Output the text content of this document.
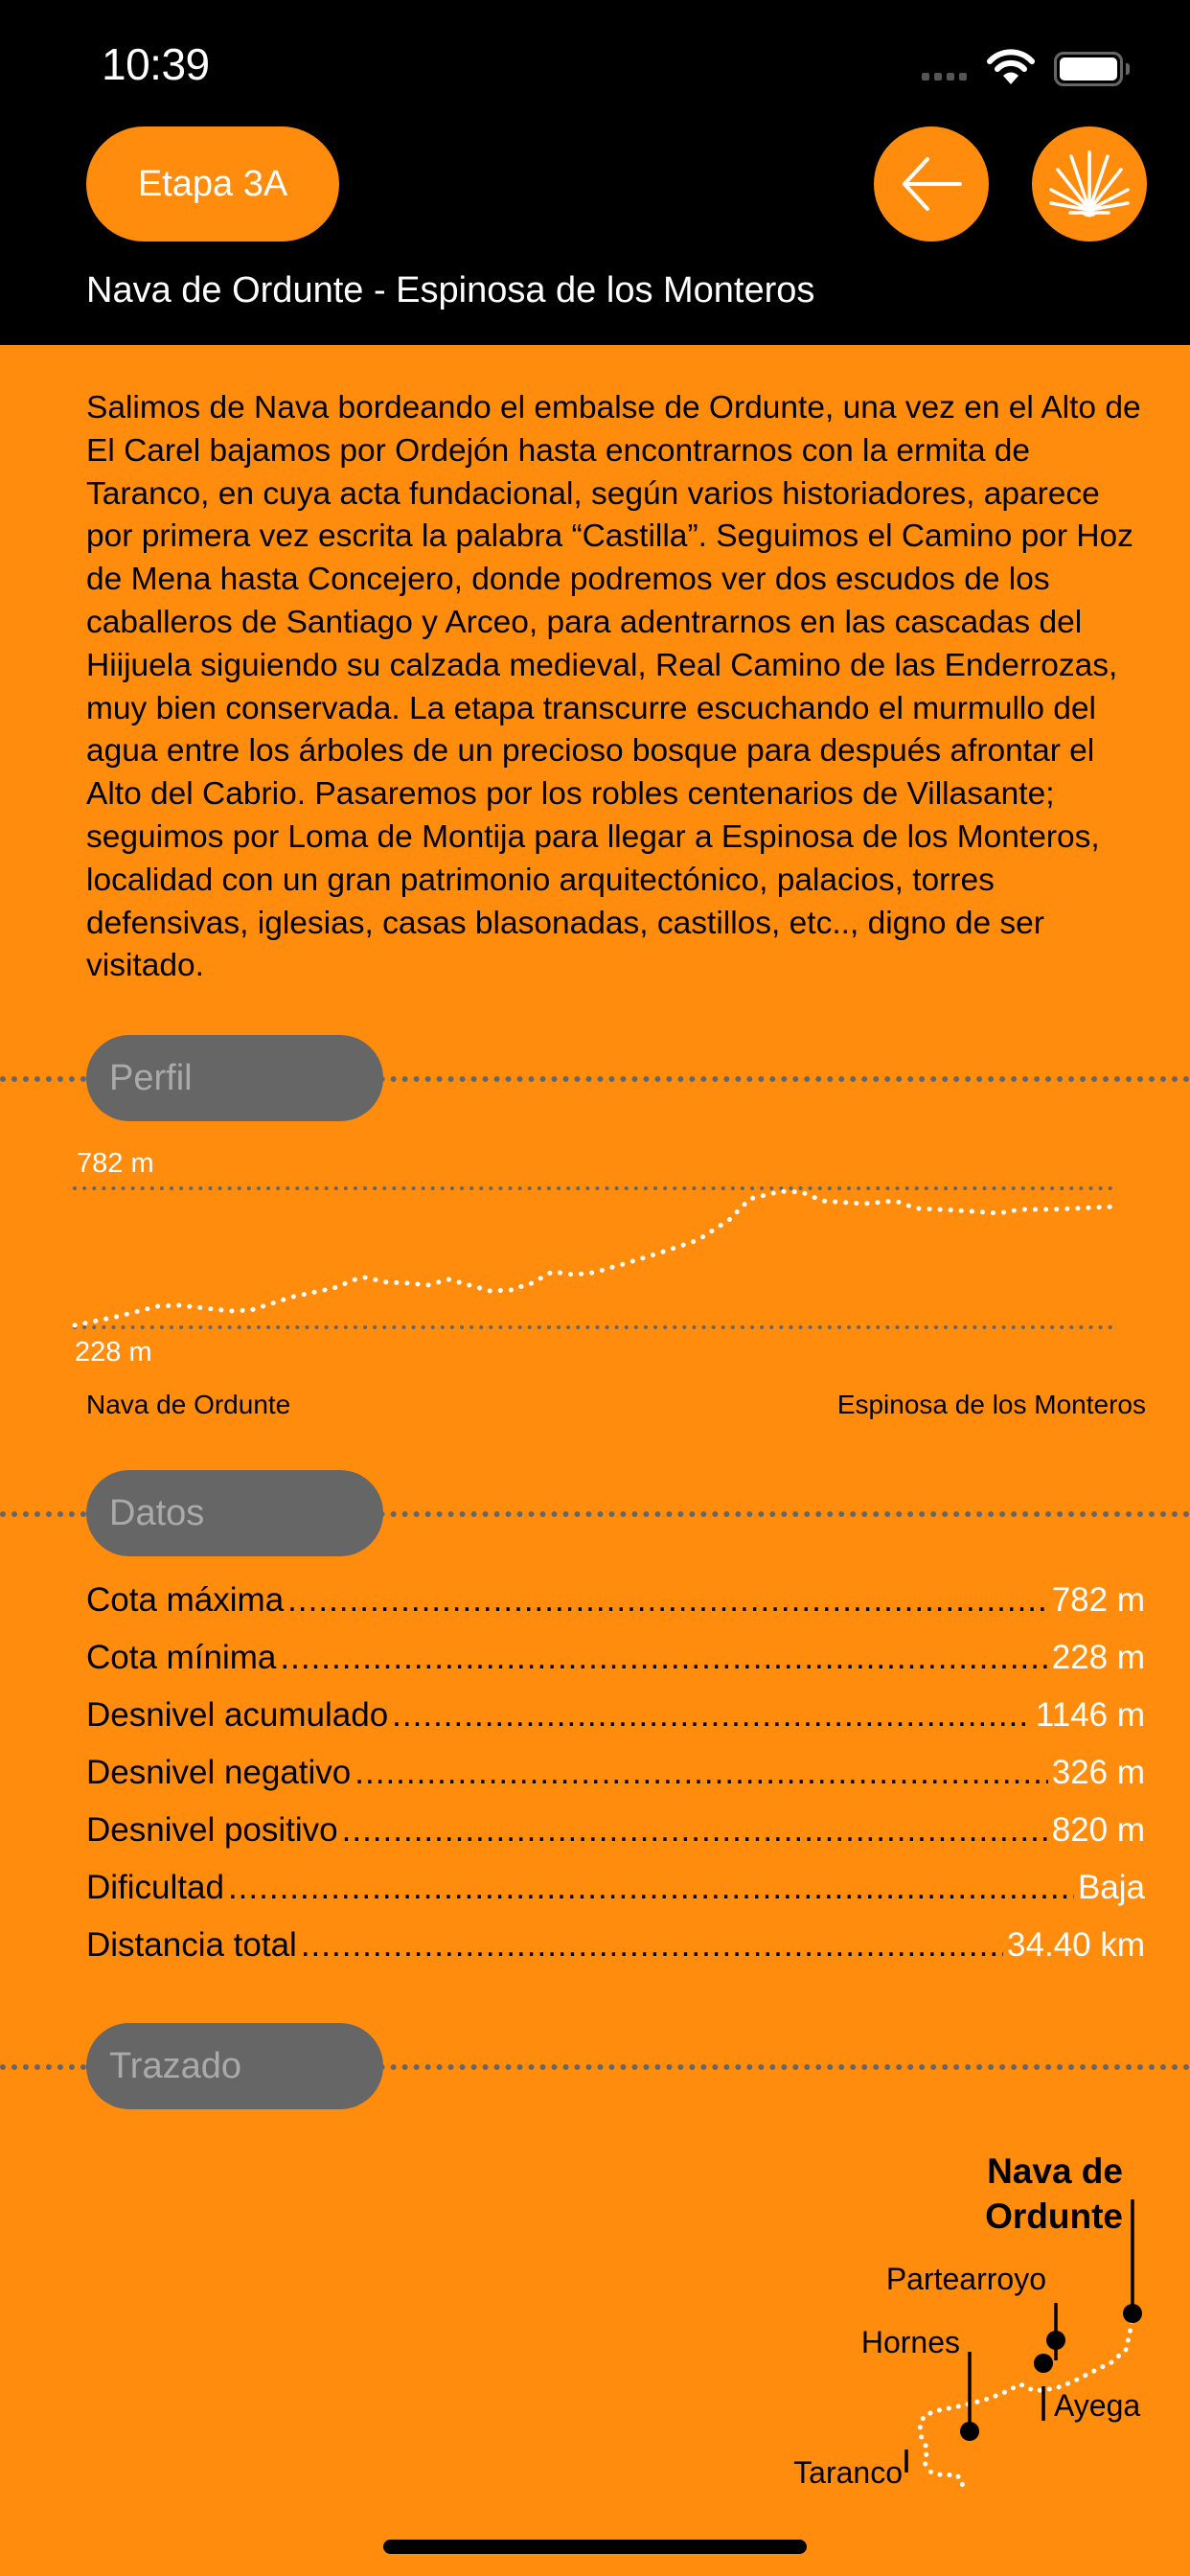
10:39
Etapa 3A
Nava de Ordunte - Espinosa de los Monteros

Salimos de Nava bordeando el embalse de Ordunte, una vez en el Alto de El Carel bajamos por Ordejón hasta encontrarnos con la ermita de Taranco, en cuya acta fundacional, según varios historiadores, aparece por primera vez escrita la palabra “Castilla”. Seguimos el Camino por Hoz de Mena hasta Concejero, donde podremos ver dos escudos de los caballeros de Santiago y Arceo, para adentrarnos en las cascadas del Hiijuela siguiendo su calzada medieval, Real Camino de las Enderrozas, muy bien conservada. La etapa transcurre escuchando el murmullo del agua entre los árboles de un precioso bosque para después afrontar el Alto del Cabrio. Pasaremos por los robles centenarios de Villasante; seguimos por Loma de Montija para llegar a Espinosa de los Monteros, localidad con un gran patrimonio arquitectónico, palacios, torres defensivas, iglesias, casas blasonadas, castillos, etc.., digno de ser visitado.

Perfil
782 m
228 m
Nava de Ordunte	Espinosa de los Monteros
Datos
Cota máxima .....	782 m
Cota mínima .....	228 m
Desnivel acumulado .....	1146 m
Desnivel negativo .....	326 m
Desnivel positivo .....	820 m
Dificultad .....	Baja
Distancia total .....	34.40 km
Trazado
Nava de
Ordunte
Partearroyo
Hornes
Ayega
Taranco
